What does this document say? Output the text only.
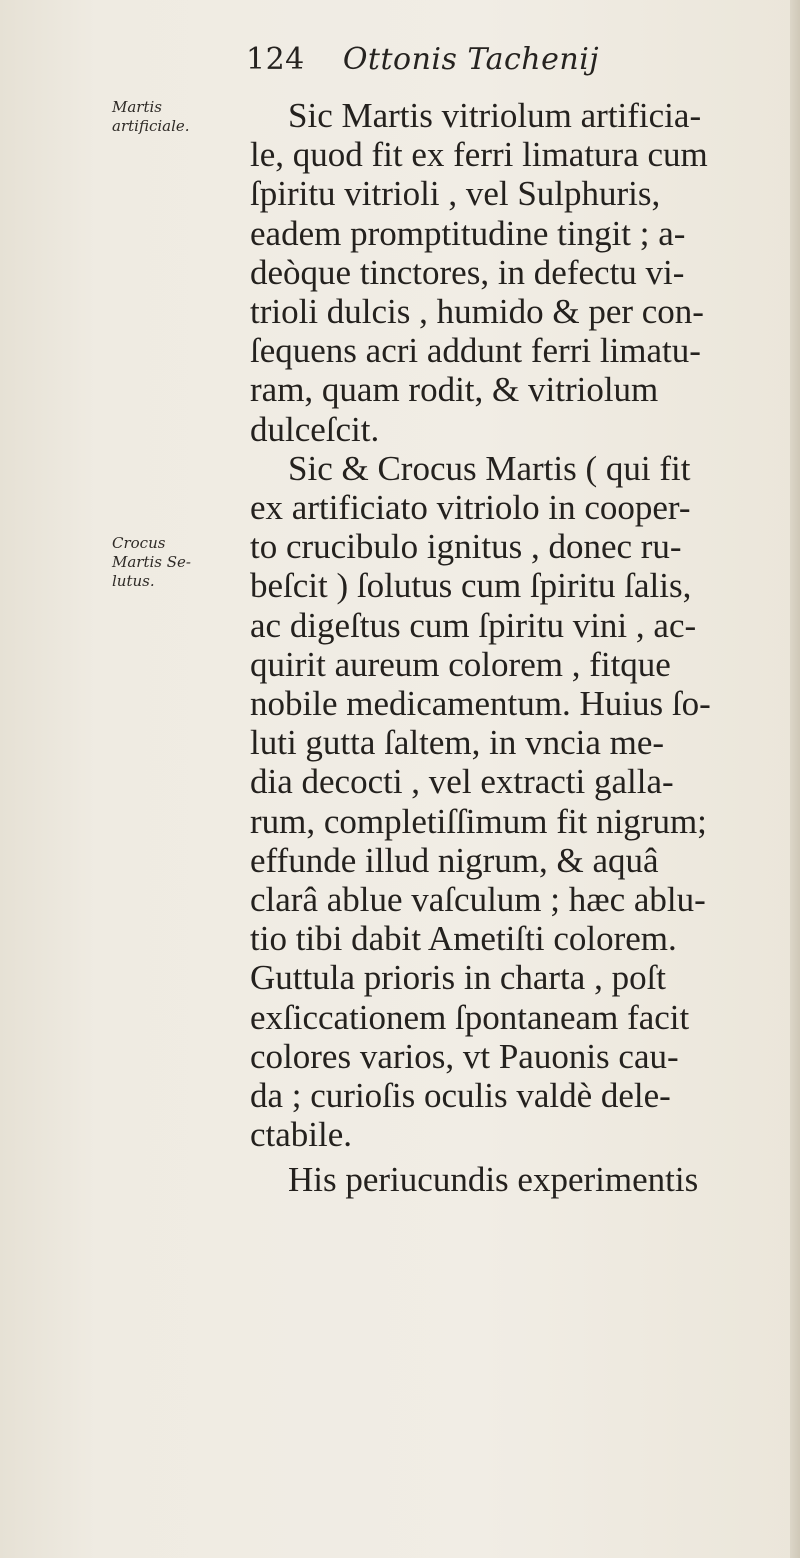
124 Ottonis Tachenij
Martis
artificiale.
Crocus
Martis Se-
lutus.
Sic Martis vitriolum artificia-
le, quod fit ex ferri limatura cum
ſpiritu vitrioli , vel Sulphuris,
eadem promptitudine tingit ; a-
deòque tinctores, in defectu vi-
trioli dulcis , humido & per con-
ſequens acri addunt ferri limatu-
ram, quam rodit, & vitriolum
dulceſcit.
Sic & Crocus Martis ( qui fit
ex artificiato vitriolo in cooper-
to crucibulo ignitus , donec ru-
beſcit ) ſolutus cum ſpiritu ſalis,
ac digeſtus cum ſpiritu vini , ac-
quirit aureum colorem , fitque
nobile medicamentum. Huius ſo-
luti gutta ſaltem, in vncia me-
dia decocti , vel extracti galla-
rum, completiſſimum fit nigrum;
effunde illud nigrum, & aquâ
clarâ ablue vaſculum ; hæc ablu-
tio tibi dabit Ametiſti colorem.
Guttula prioris in charta , poſt
exſiccationem ſpontaneam facit
colores varios, vt Pauonis cau-
da ; curioſis oculis valdè dele-
ctabile.
His periucundis experimentis
